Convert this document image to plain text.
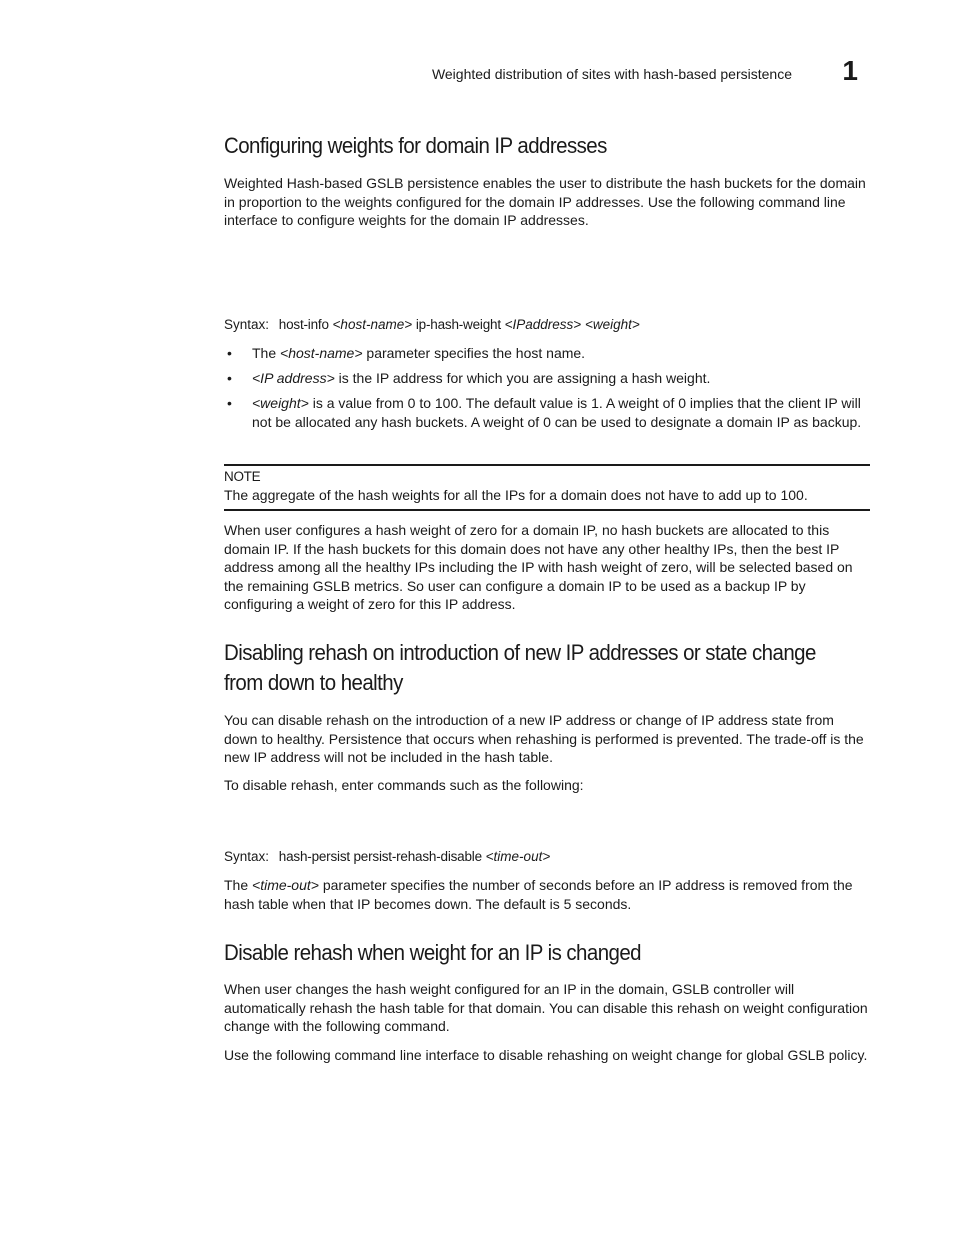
Weighted distribution of sites with hash-based persistence 1
Configuring weights for domain IP addresses

Weighted Hash-based GSLB persistence enables the user to distribute the hash buckets for the domain in proportion to the weights configured for the domain IP addresses. Use the following command line interface to configure weights for the domain IP addresses.

Syntax: host-info <host-name> ip-hash-weight <IPaddress> <weight>

• The <host-name> parameter specifies the host name.
• <IP address> is the IP address for which you are assigning a hash weight.
• <weight> is a value from 0 to 100. The default value is 1. A weight of 0 implies that the client IP will not be allocated any hash buckets. A weight of 0 can be used to designate a domain IP as backup.
NOTE
The aggregate of the hash weights for all the IPs for a domain does not have to add up to 100.

When user configures a hash weight of zero for a domain IP, no hash buckets are allocated to this domain IP. If the hash buckets for this domain does not have any other healthy IPs, then the best IP address among all the healthy IPs including the IP with hash weight of zero, will be selected based on the remaining GSLB metrics. So user can configure a domain IP to be used as a backup IP by configuring a weight of zero for this IP address.

Disabling rehash on introduction of new IP addresses or state change
from down to healthy

You can disable rehash on the introduction of a new IP address or change of IP address state from down to healthy. Persistence that occurs when rehashing is performed is prevented. The trade-off is the new IP address will not be included in the hash table.

To disable rehash, enter commands such as the following:

Syntax: hash-persist persist-rehash-disable <time-out>

The <time-out> parameter specifies the number of seconds before an IP address is removed from the hash table when that IP becomes down. The default is 5 seconds.

Disable rehash when weight for an IP is changed

When user changes the hash weight configured for an IP in the domain, GSLB controller will automatically rehash the hash table for that domain. You can disable this rehash on weight configuration change with the following command.

Use the following command line interface to disable rehashing on weight change for global GSLB policy.
